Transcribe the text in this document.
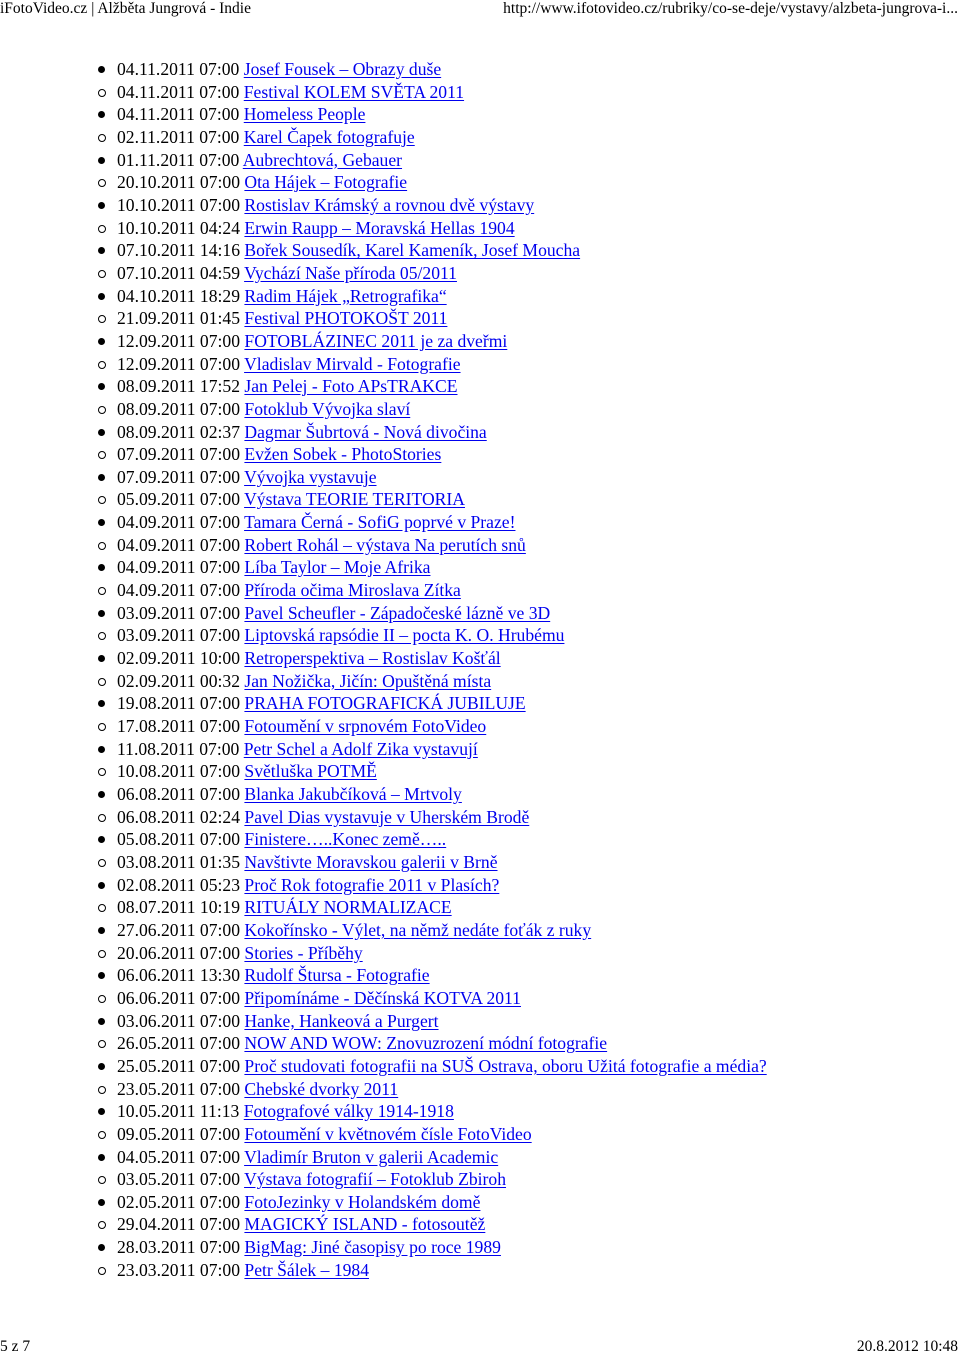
iFotoVideo.cz | Alžběta Jungrová - Indie	http://www.ifotovideo.cz/rubriky/co-se-deje/vystavy/alzbeta-jungrova-i...
04.11.2011 07:00 Josef Fousek – Obrazy duše
04.11.2011 07:00 Festival KOLEM SVĚTA 2011
04.11.2011 07:00 Homeless People
02.11.2011 07:00 Karel Čapek fotografuje
01.11.2011 07:00 Aubrechtová, Gebauer
20.10.2011 07:00 Ota Hájek – Fotografie
10.10.2011 07:00 Rostislav Krámský a rovnou dvě výstavy
10.10.2011 04:24 Erwin Raupp – Moravská Hellas 1904
07.10.2011 14:16 Bořek Sousedík, Karel Kameník, Josef Moucha
07.10.2011 04:59 Vychází Naše příroda 05/2011
04.10.2011 18:29 Radim Hájek „Retrografika“
21.09.2011 01:45 Festival PHOTOKOŠT 2011
12.09.2011 07:00 FOTOBLÁZINEC 2011 je za dveřmi
12.09.2011 07:00 Vladislav Mirvald - Fotografie
08.09.2011 17:52 Jan Pelej - Foto APsTRAKCE
08.09.2011 07:00 Fotoklub Vývojka slaví
08.09.2011 02:37 Dagmar Šubrtová - Nová divočina
07.09.2011 07:00 Evžen Sobek - PhotoStories
07.09.2011 07:00 Vývojka vystavuje
05.09.2011 07:00 Výstava TEORIE TERITORIA
04.09.2011 07:00 Tamara Černá - SofiG poprvé v Praze!
04.09.2011 07:00 Robert Rohál – výstava Na perutích snů
04.09.2011 07:00 Líba Taylor – Moje Afrika
04.09.2011 07:00 Příroda očima Miroslava Zítka
03.09.2011 07:00 Pavel Scheufler - Západočeské lázně ve 3D
03.09.2011 07:00 Liptovská rapsódie II – pocta K. O. Hrubému
02.09.2011 10:00 Retroperspektiva – Rostislav Košťál
02.09.2011 00:32 Jan Nožička, Jičín: Opuštěná místa
19.08.2011 07:00 PRAHA FOTOGRAFICKÁ JUBILUJE
17.08.2011 07:00 Fotoumění v srpnovém FotoVideo
11.08.2011 07:00 Petr Schel a Adolf Zika vystavují
10.08.2011 07:00 Světluška POTMĚ
06.08.2011 07:00 Blanka Jakubčíková – Mrtvoly
06.08.2011 02:24 Pavel Dias vystavuje v Uherském Brodě
05.08.2011 07:00 Finistere…..Konec země…..
03.08.2011 01:35 Navštivte Moravskou galerii v Brně
02.08.2011 05:23 Proč Rok fotografie 2011 v Plasích?
08.07.2011 10:19 RITUÁLY NORMALIZACE
27.06.2011 07:00 Kokořínsko - Výlet, na němž nedáte foťák z ruky
20.06.2011 07:00 Stories - Příběhy
06.06.2011 13:30 Rudolf Štursa - Fotografie
06.06.2011 07:00 Připomínáme - Děčínská KOTVA 2011
03.06.2011 07:00 Hanke, Hankeová a Purgert
26.05.2011 07:00 NOW AND WOW: Znovuzrození módní fotografie
25.05.2011 07:00 Proč studovati fotografii na SUŠ Ostrava, oboru Užitá fotografie a média?
23.05.2011 07:00 Chebské dvorky 2011
10.05.2011 11:13 Fotografové války 1914-1918
09.05.2011 07:00 Fotoumění v květnovém čísle FotoVideo
04.05.2011 07:00 Vladimír Bruton v galerii Academic
03.05.2011 07:00 Výstava fotografií – Fotoklub Zbiroh
02.05.2011 07:00 FotoJezinky v Holandském domě
29.04.2011 07:00 MAGICKÝ ISLAND - fotosoutěž
28.03.2011 07:00 BigMag: Jiné časopisy po roce 1989
23.03.2011 07:00 Petr Šálek – 1984
5 z 7	20.8.2012 10:48
